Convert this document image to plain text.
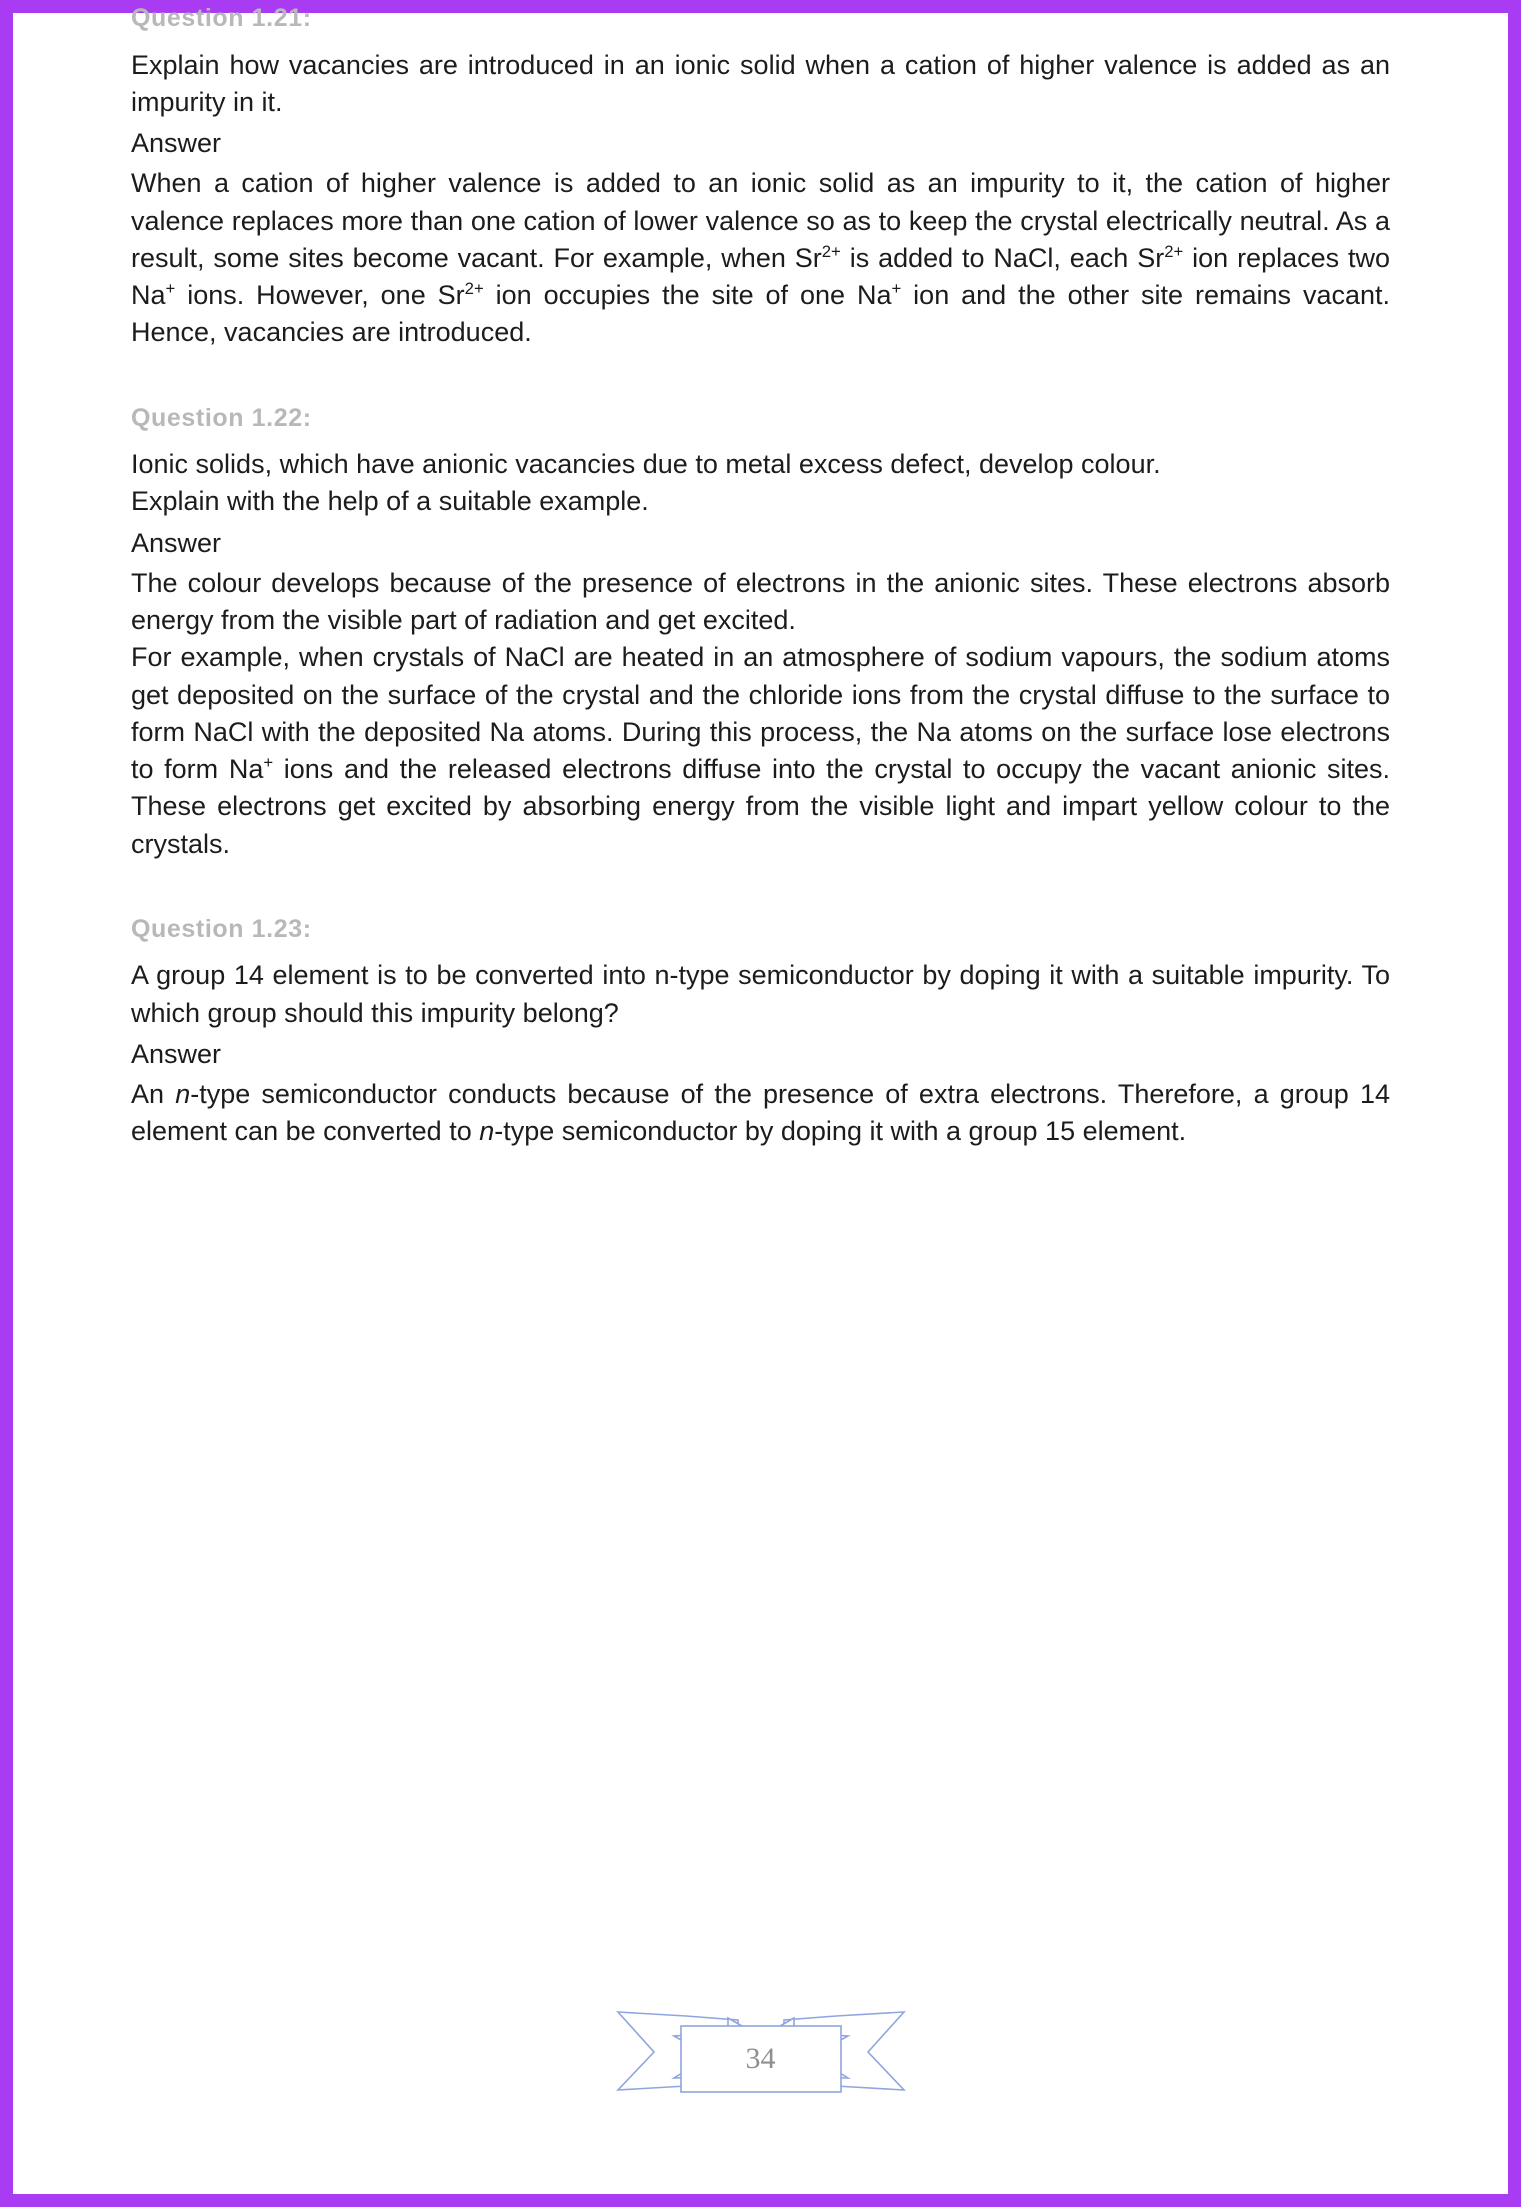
Question 1.21:

Explain how vacancies are introduced in an ionic solid when a cation of higher valence is added as an impurity in it.

Answer

When a cation of higher valence is added to an ionic solid as an impurity to it, the cation of higher valence replaces more than one cation of lower valence so as to keep the crystal electrically neutral. As a result, some sites become vacant. For example, when $Sr^{2+}$ is added to NaCl, each $Sr^{2+}$ ion replaces two Na+ ions. However, one $Sr^{2+}$ ion occupies the site of one Na+ ion and the other site remains vacant. Hence, vacancies are introduced.

Question 1.22:

Ionic solids, which have anionic vacancies due to metal excess defect, develop colour.

Explain with the help of a suitable example.

Answer

The colour develops because of the presence of electrons in the anionic sites. These electrons absorb energy from the visible part of radiation and get excited.

For example, when crystals of NaCl are heated in an atmosphere of sodium vapours, the sodium atoms get deposited on the surface of the crystal and the chloride ions from the crystal diffuse to the surface to form NaCl with the deposited Na atoms. During this process, the Na atoms on the surface lose electrons to form Na+ ions and the released electrons diffuse into the crystal to occupy the vacant anionic sites. These electrons get excited by absorbing energy from the visible light and impart yellow colour to the crystals.

Question 1.23:

A group 14 element is to be converted into n-type semiconductor by doping it with a suitable impurity. To which group should this impurity belong?

Answer

An n-type semiconductor conducts because of the presence of extra electrons. Therefore, a group 14 element can be converted to n-type semiconductor by doping it with a group 15 element.

34
